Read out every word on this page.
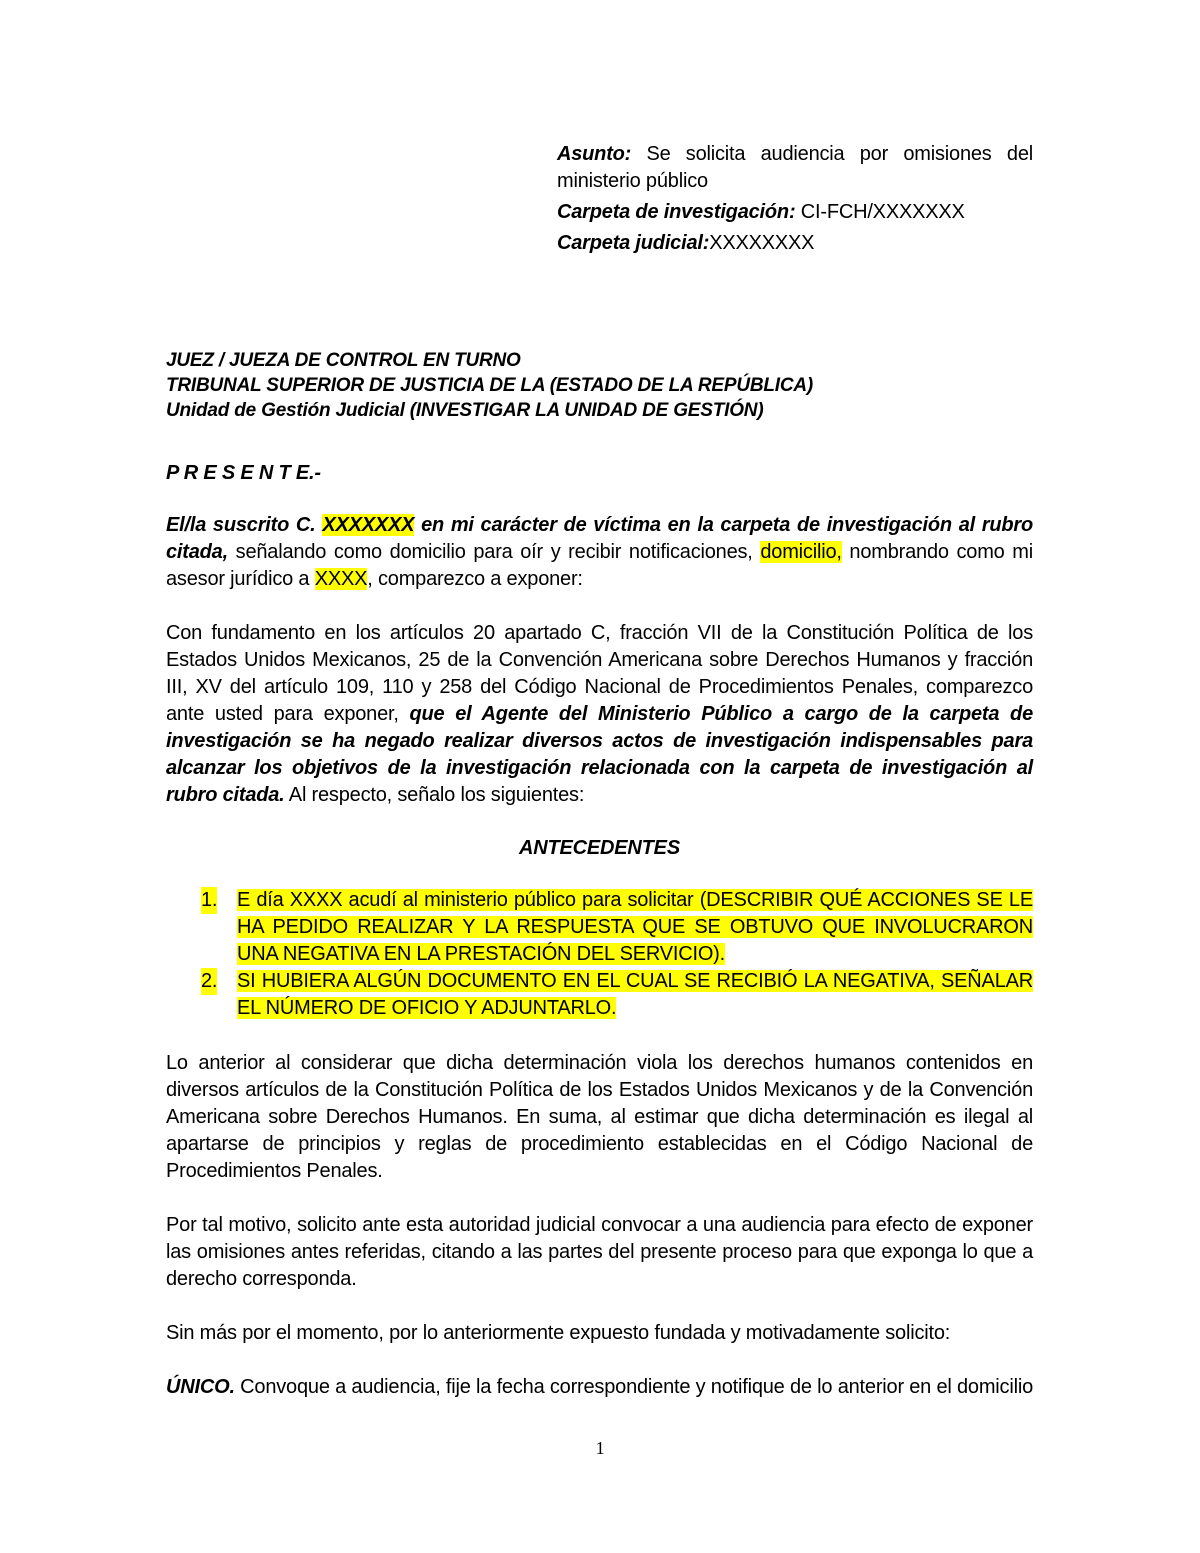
Asunto: Se solicita audiencia por omisiones del ministerio público

Carpeta de investigación: CI-FCH/XXXXXXX

Carpeta judicial:XXXXXXXX

JUEZ / JUEZA DE CONTROL EN TURNO

TRIBUNAL SUPERIOR DE JUSTICIA DE LA (ESTADO DE LA REPÚBLICA)

Unidad de Gestión Judicial (INVESTIGAR LA UNIDAD DE GESTIÓN)

P R E S E N T E.-
El/la suscrito C. XXXXXXX en mi carácter de víctima en la carpeta de investigación al rubro citada, señalando como domicilio para oír y recibir notificaciones, domicilio, nombrando como mi asesor jurídico a XXXX, comparezco a exponer:
Con fundamento en los artículos 20 apartado C, fracción VII de la Constitución Política de los Estados Unidos Mexicanos, 25 de la Convención Americana sobre Derechos Humanos y fracción III, XV del artículo 109, 110 y 258 del Código Nacional de Procedimientos Penales, comparezco ante usted para exponer, que el Agente del Ministerio Público a cargo de la carpeta de investigación se ha negado realizar diversos actos de investigación indispensables para alcanzar los objetivos de la investigación relacionada con la carpeta de investigación al rubro citada. Al respecto, señalo los siguientes:
ANTECEDENTES
1. E día XXXX acudí al ministerio público para solicitar (DESCRIBIR QUÉ ACCIONES SE LE HA PEDIDO REALIZAR Y LA RESPUESTA QUE SE OBTUVO QUE INVOLUCRARON UNA NEGATIVA EN LA PRESTACIÓN DEL SERVICIO).
2. SI HUBIERA ALGÚN DOCUMENTO EN EL CUAL SE RECIBIÓ LA NEGATIVA, SEÑALAR EL NÚMERO DE OFICIO Y ADJUNTARLO.
Lo anterior al considerar que dicha determinación viola los derechos humanos contenidos en diversos artículos de la Constitución Política de los Estados Unidos Mexicanos y de la Convención Americana sobre Derechos Humanos. En suma, al estimar que dicha determinación es ilegal al apartarse de principios y reglas de procedimiento establecidas en el Código Nacional de Procedimientos Penales.
Por tal motivo, solicito ante esta autoridad judicial convocar a una audiencia para efecto de exponer las omisiones antes referidas, citando a las partes del presente proceso para que exponga lo que a derecho corresponda.
Sin más por el momento, por lo anteriormente expuesto fundada y motivadamente solicito:
ÚNICO. Convoque a audiencia, fije la fecha correspondiente y notifique de lo anterior en el domicilio
1
